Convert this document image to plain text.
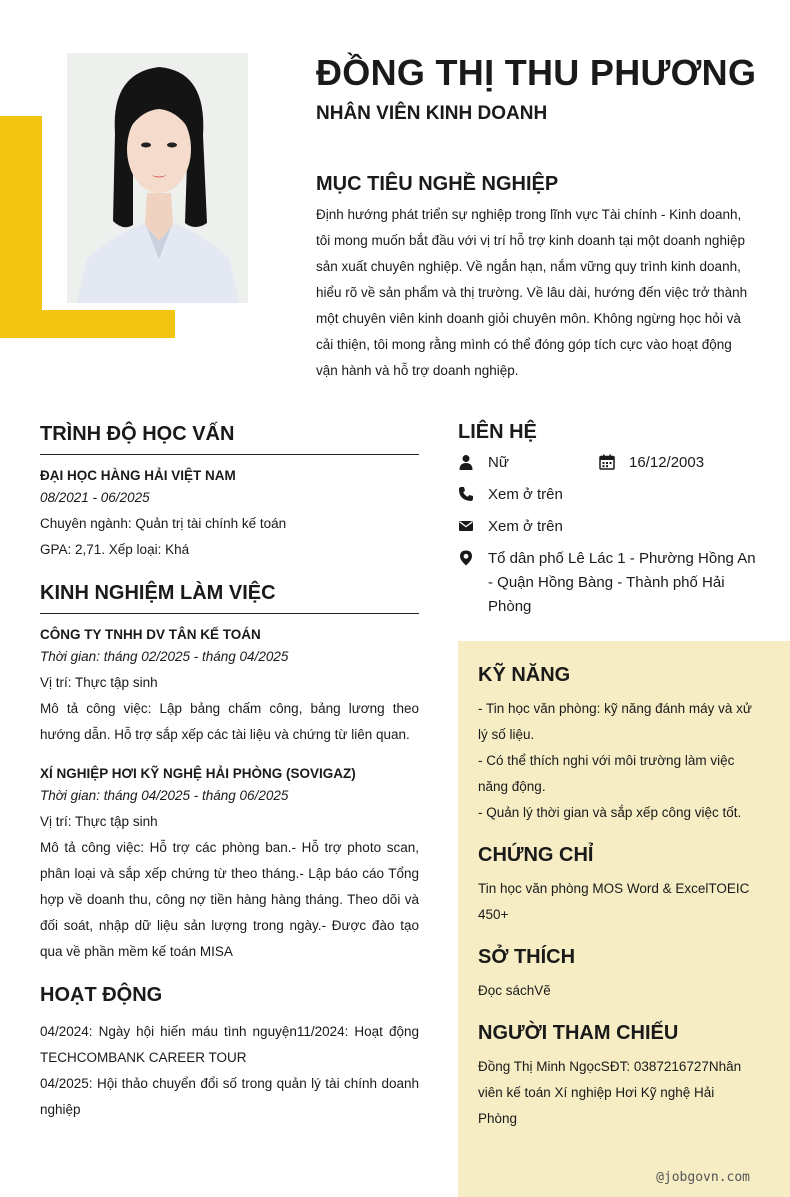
ĐỒNG THỊ THU PHƯƠNG
NHÂN VIÊN KINH DOANH
MỤC TIÊU NGHỀ NGHIỆP
Định hướng phát triển sự nghiệp trong lĩnh vực Tài chính - Kinh doanh, tôi mong muốn bắt đầu với vị trí hỗ trợ kinh doanh tại một doanh nghiệp sản xuất chuyên nghiệp. Về ngắn hạn, nắm vững quy trình kinh doanh, hiểu rõ về sản phẩm và thị trường. Về lâu dài, hướng đến việc trở thành một chuyên viên kinh doanh giỏi chuyên môn. Không ngừng học hỏi và cải thiện, tôi mong rằng mình có thể đóng góp tích cực vào hoạt động vận hành và hỗ trợ doanh nghiệp.
TRÌNH ĐỘ HỌC VẤN
ĐẠI HỌC HÀNG HẢI VIỆT NAM
08/2021 - 06/2025
Chuyên ngành: Quản trị tài chính kế toán
GPA: 2,71. Xếp loại: Khá
KINH NGHIỆM LÀM VIỆC
CÔNG TY TNHH DV TÂN KẾ TOÁN
Thời gian: tháng 02/2025 - tháng 04/2025
Vị trí: Thực tập sinh
Mô tả công việc: Lập bảng chấm công, bảng lương theo hướng dẫn. Hỗ trợ sắp xếp các tài liệu và chứng từ liên quan.
XÍ NGHIỆP HƠI KỸ NGHỆ HẢI PHÒNG (SOVIGAZ)
Thời gian: tháng 04/2025 - tháng 06/2025
Vị trí: Thực tập sinh
Mô tả công việc: Hỗ trợ các phòng ban.- Hỗ trợ photo scan, phân loại và sắp xếp chứng từ theo tháng.- Lập báo cáo Tổng hợp về doanh thu, công nợ tiền hàng hàng tháng. Theo dõi và đối soát, nhập dữ liệu sản lượng trong ngày.- Được đào tạo qua về phần mềm kế toán MISA
HOẠT ĐỘNG
04/2024: Ngày hội hiến máu tình nguyện11/2024: Hoạt động TECHCOMBANK CAREER TOUR
04/2025: Hội thảo chuyển đổi số trong quản lý tài chính doanh nghiệp
LIÊN HỆ
Nữ	16/12/2003
Xem ở trên
Xem ở trên
Tổ dân phố Lê Lác 1 - Phường Hồng An - Quận Hồng Bàng - Thành phố Hải Phòng
KỸ NĂNG
- Tin học văn phòng: kỹ năng đánh máy và xử lý số liệu.
- Có thể thích nghi với môi trường làm việc năng động.
- Quản lý thời gian và sắp xếp công việc tốt.
CHỨNG CHỈ
Tin học văn phòng MOS Word & ExcelTOEIC 450+
SỞ THÍCH
Đọc sáchVẽ
NGƯỜI THAM CHIẾU
Đồng Thị Minh NgọcSĐT: 0387216727Nhân viên kế toán Xí nghiệp Hơi Kỹ nghệ Hải Phòng
@jobgovn.com
